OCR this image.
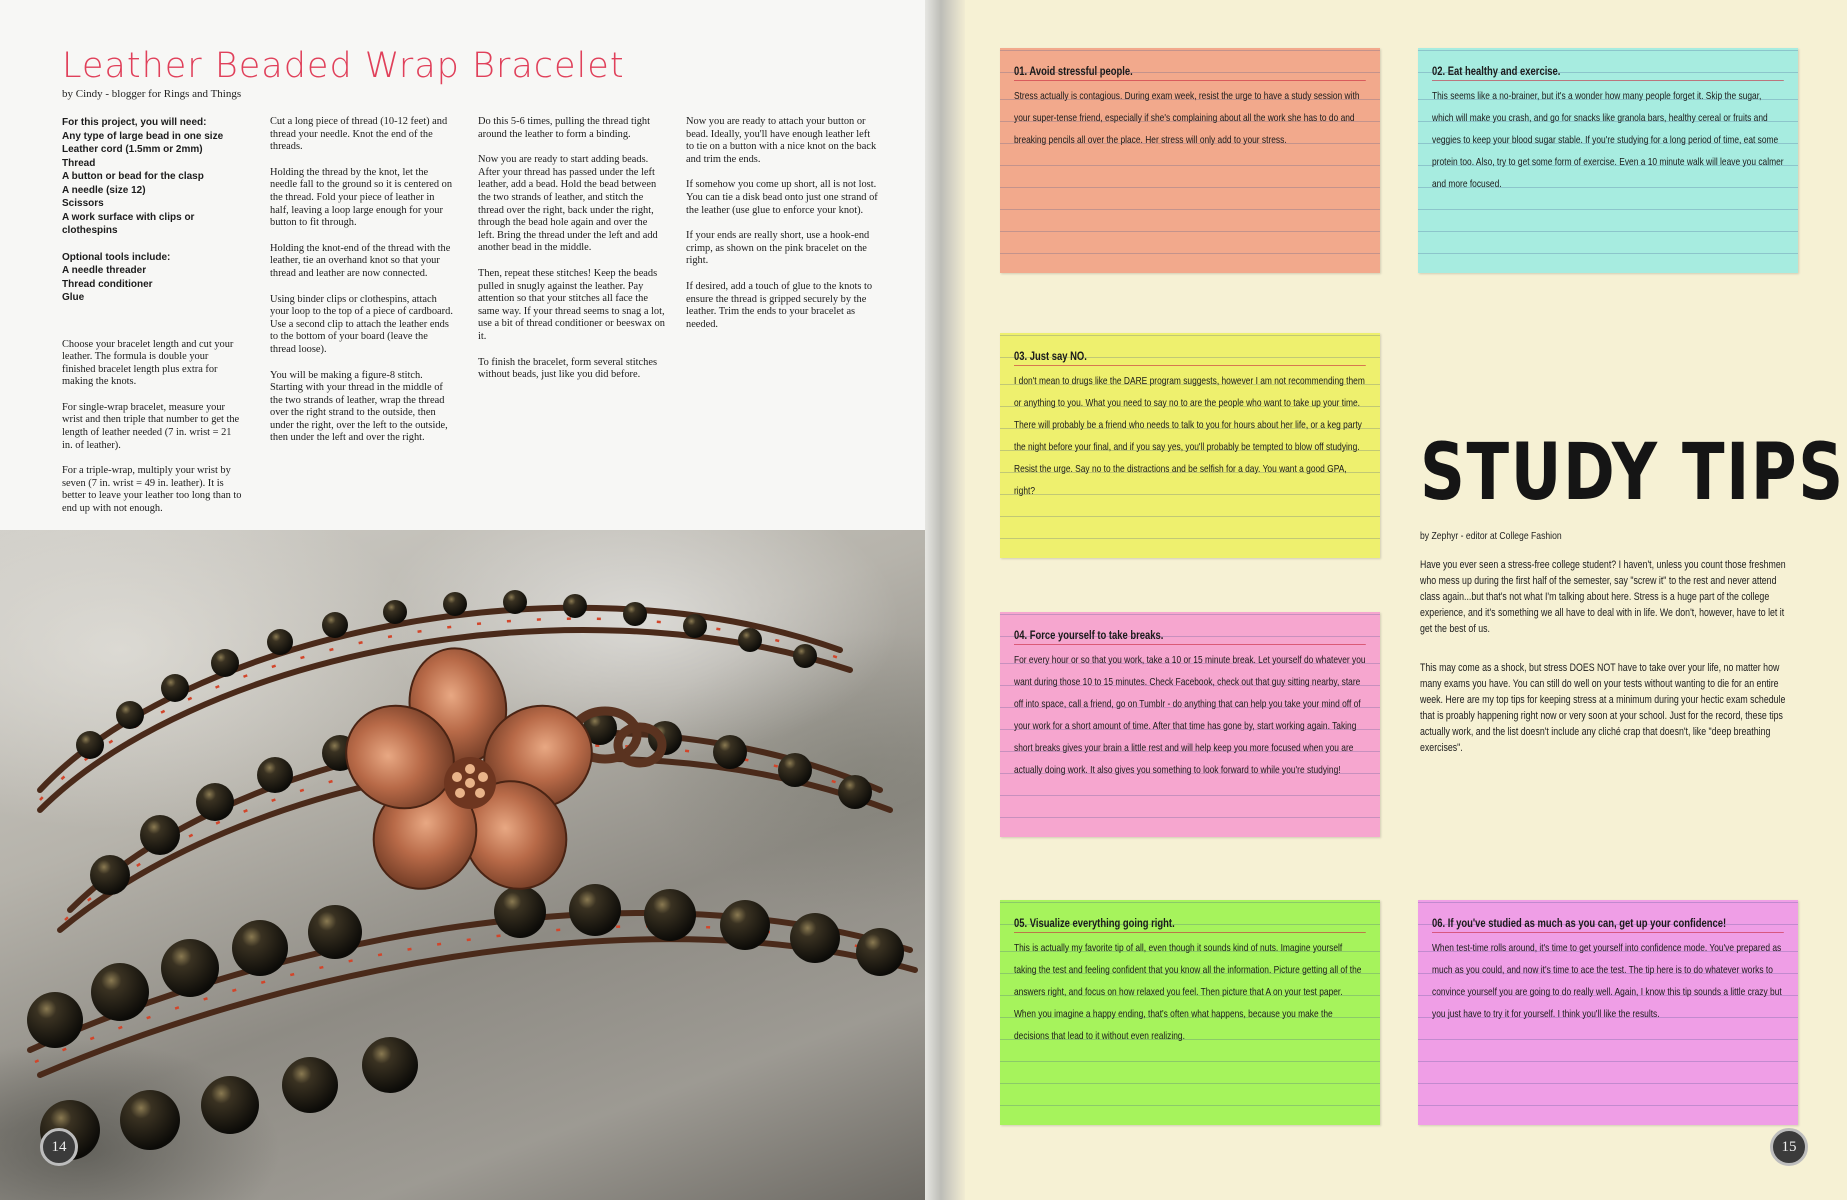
Leather Beaded Wrap Bracelet
by Cindy - blogger for Rings and Things
For this project, you will need:
Any type of large bead in one size
Leather cord (1.5mm or 2mm)
Thread
A button or bead for the clasp
A needle (size 12)
Scissors
A work surface with clips or
clothespins
Optional tools include:
A needle threader
Thread conditioner
Glue

Choose your bracelet length and cut your leather. The formula is double your finished bracelet length plus extra for making the knots.

For single-wrap bracelet, measure your wrist and then triple that number to get the length of leather needed (7 in. wrist = 21 in. of leather).

For a triple-wrap, multiply your wrist by seven (7 in. wrist = 49 in. leather). It is better to leave your leather too long than to end up with not enough.

Cut a long piece of thread (10-12 feet) and thread your needle. Knot the end of the threads.

Holding the thread by the knot, let the needle fall to the ground so it is centered on the thread. Fold your piece of leather in half, leaving a loop large enough for your button to fit through.

Holding the knot-end of the thread with the leather, tie an overhand knot so that your thread and leather are now connected.

Using binder clips or clothespins, attach your loop to the top of a piece of cardboard. Use a second clip to attach the leather ends to the bottom of your board (leave the thread loose).

You will be making a figure-8 stitch. Starting with your thread in the middle of the two strands of leather, wrap the thread over the right strand to the outside, then under the right, over the left to the outside, then under the left and over the right.

Do this 5-6 times, pulling the thread tight around the leather to form a binding.

Now you are ready to start adding beads. After your thread has passed under the left leather, add a bead. Hold the bead between the two strands of leather, and stitch the thread over the right, back under the right, through the bead hole again and over the left. Bring the thread under the left and add another bead in the middle.

Then, repeat these stitches! Keep the beads pulled in snugly against the leather. Pay attention so that your stitches all face the same way. If your thread seems to snag a lot, use a bit of thread conditioner or beeswax on it.

To finish the bracelet, form several stitches without beads, just like you did before.

Now you are ready to attach your button or bead. Ideally, you'll have enough leather left to tie on a button with a nice knot on the back and trim the ends.

If somehow you come up short, all is not lost. You can tie a disk bead onto just one strand of the leather (use glue to enforce your knot).

If your ends are really short, use a hook-end crimp, as shown on the pink bracelet on the right.

If desired, add a touch of glue to the knots to ensure the thread is gripped securely by the leather. Trim the ends to your bracelet as needed.

14
01. Avoid stressful people.
Stress actually is contagious. During exam week, resist the urge to have a study session with your super-tense friend, especially if she's complaining about all the work she has to do and breaking pencils all over the place. Her stress will only add to your stress.
02. Eat healthy and exercise.
This seems like a no-brainer, but it's a wonder how many people forget it. Skip the sugar, which will make you crash, and go for snacks like granola bars, healthy cereal or fruits and veggies to keep your blood sugar stable. If you're studying for a long period of time, eat some protein too. Also, try to get some form of exercise. Even a 10 minute walk will leave you calmer and more focused.
03. Just say NO.
I don't mean to drugs like the DARE program suggests, however I am not recommending them or anything to you. What you need to say no to are the people who want to take up your time. There will probably be a friend who needs to talk to you for hours about her life, or a keg party the night before your final, and if you say yes, you'll probably be tempted to blow off studying. Resist the urge. Say no to the distractions and be selfish for a day. You want a good GPA, right?
04. Force yourself to take breaks.
For every hour or so that you work, take a 10 or 15 minute break. Let yourself do whatever you want during those 10 to 15 minutes. Check Facebook, check out that guy sitting nearby, stare off into space, call a friend, go on Tumblr - do anything that can help you take your mind off of your work for a short amount of time. After that time has gone by, start working again. Taking short breaks gives your brain a little rest and will help keep you more focused when you are actually doing work. It also gives you something to look forward to while you're studying!
05. Visualize everything going right.
This is actually my favorite tip of all, even though it sounds kind of nuts. Imagine yourself taking the test and feeling confident that you know all the information. Picture getting all of the answers right, and focus on how relaxed you feel. Then picture that A on your test paper. When you imagine a happy ending, that's often what happens, because you make the decisions that lead to it without even realizing.
06. If you've studied as much as you can, get up your confidence!
When test-time rolls around, it's time to get yourself into confidence mode. You've prepared as much as you could, and now it's time to ace the test. The tip here is to do whatever works to convince yourself you are going to do really well. Again, I know this tip sounds a little crazy but you just have to try it for yourself. I think you'll like the results.
STUDY TIPS
by Zephyr - editor at College Fashion
Have you ever seen a stress-free college student? I haven't, unless you count those freshmen who mess up during the first half of the semester, say "screw it" to the rest and never attend class again...but that's not what I'm talking about here. Stress is a huge part of the college experience, and it's something we all have to deal with in life. We don't, however, have to let it get the best of us.
This may come as a shock, but stress DOES NOT have to take over your life, no matter how many exams you have. You can still do well on your tests without wanting to die for an entire week. Here are my top tips for keeping stress at a minimum during your hectic exam schedule that is proably happening right now or very soon at your school. Just for the record, these tips actually work, and the list doesn't include any cliché crap that doesn't, like "deep breathing exercises".
15
